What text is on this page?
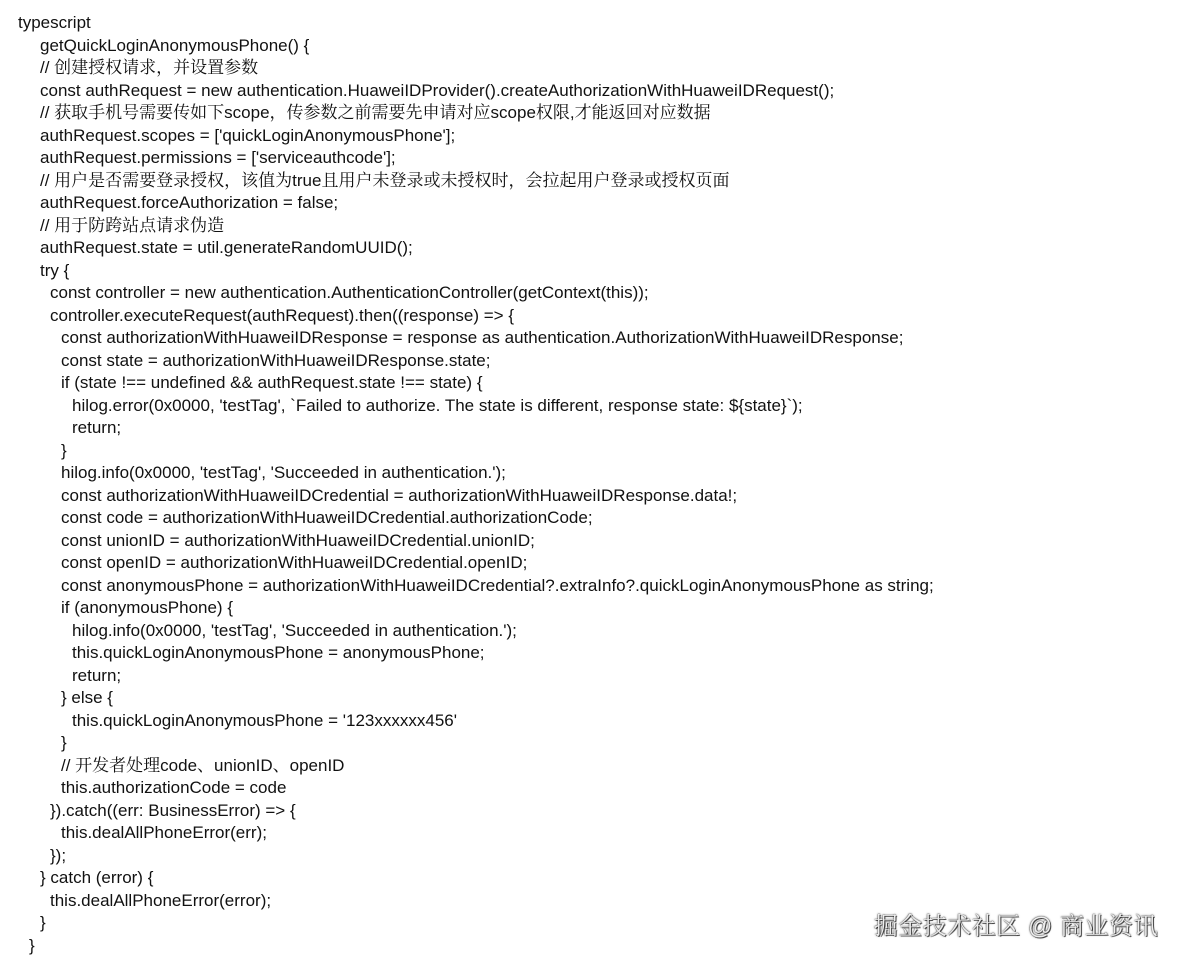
typescript
getQuickLoginAnonymousPhone() {
// 创建授权请求，并设置参数
const authRequest = new authentication.HuaweiIDProvider().createAuthorizationWithHuaweiIDRequest();
// 获取手机号需要传如下scope，传参数之前需要先申请对应scope权限,才能返回对应数据
authRequest.scopes = ['quickLoginAnonymousPhone'];
authRequest.permissions = ['serviceauthcode'];
// 用户是否需要登录授权，该值为true且用户未登录或未授权时，会拉起用户登录或授权页面
authRequest.forceAuthorization = false;
// 用于防跨站点请求伪造
authRequest.state = util.generateRandomUUID();
try {
const controller = new authentication.AuthenticationController(getContext(this));
controller.executeRequest(authRequest).then((response) => {
const authorizationWithHuaweiIDResponse = response as authentication.AuthorizationWithHuaweiIDResponse;
const state = authorizationWithHuaweiIDResponse.state;
if (state !== undefined && authRequest.state !== state) {
hilog.error(0x0000, 'testTag', `Failed to authorize. The state is different, response state: ${state}`);
return;
}
hilog.info(0x0000, 'testTag', 'Succeeded in authentication.');
const authorizationWithHuaweiIDCredential = authorizationWithHuaweiIDResponse.data!;
const code = authorizationWithHuaweiIDCredential.authorizationCode;
const unionID = authorizationWithHuaweiIDCredential.unionID;
const openID = authorizationWithHuaweiIDCredential.openID;
const anonymousPhone = authorizationWithHuaweiIDCredential?.extraInfo?.quickLoginAnonymousPhone as string;
if (anonymousPhone) {
hilog.info(0x0000, 'testTag', 'Succeeded in authentication.');
this.quickLoginAnonymousPhone = anonymousPhone;
return;
} else {
this.quickLoginAnonymousPhone = '123xxxxxx456'
}
// 开发者处理code、unionID、openID
this.authorizationCode = code
}).catch((err: BusinessError) => {
this.dealAllPhoneError(err);
});
} catch (error) {
this.dealAllPhoneError(error);
}
}
掘金技术社区 @ 商业资讯
